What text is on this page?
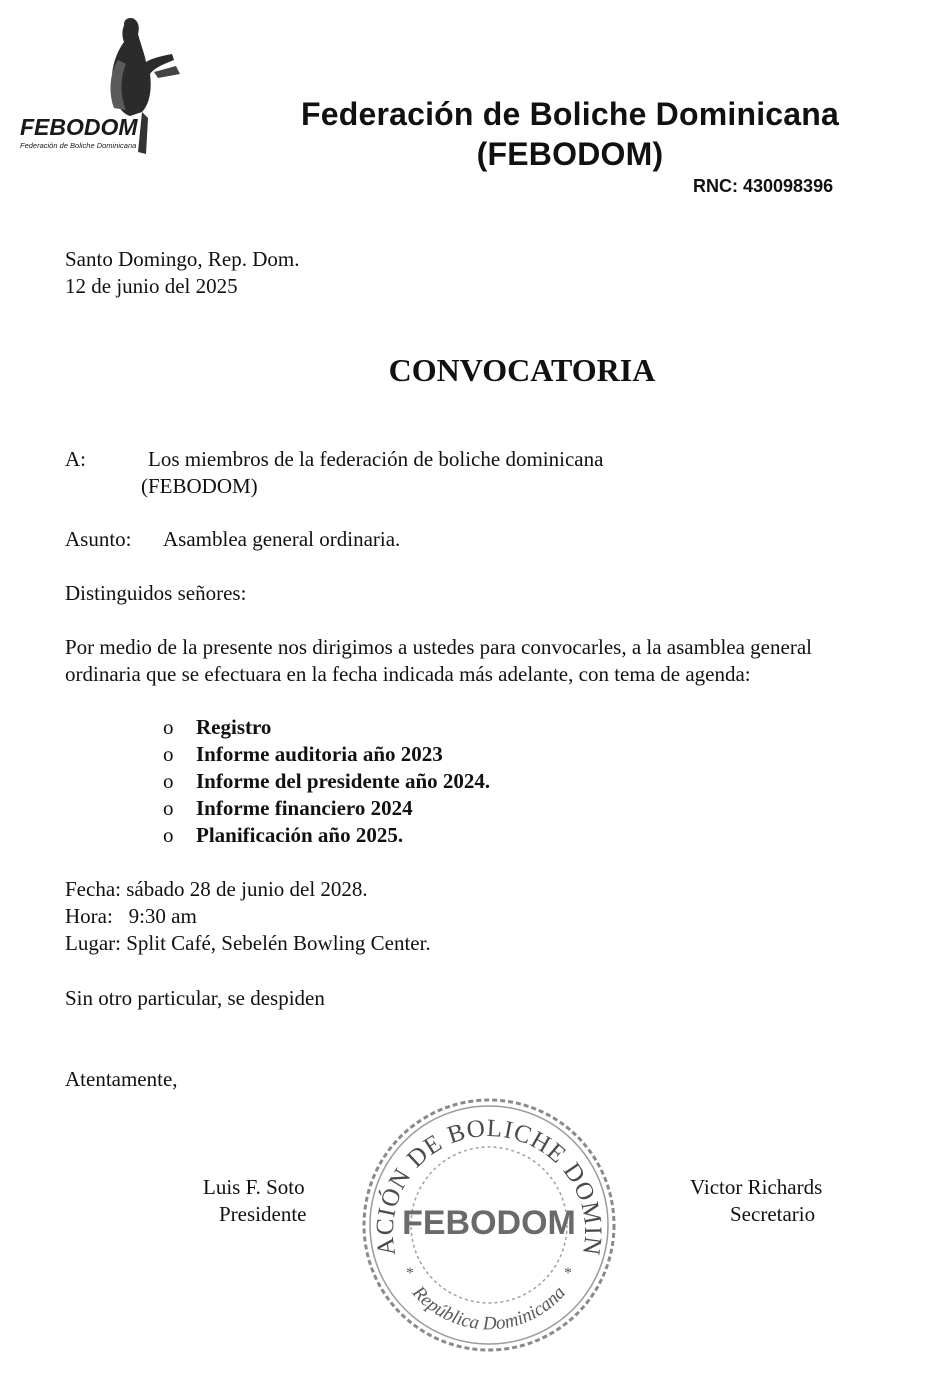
FEBODOM
Federación de Boliche Dominicana
Federación de Boliche Dominicana
(FEBODOM)
RNC: 430098396
Santo Domingo, Rep. Dom.
12 de junio del 2025
CONVOCATORIA
A:	Los miembros de la federación de boliche dominicana
(FEBODOM)
Asunto: Asamblea general ordinaria.
Distinguidos señores:
Por medio de la presente nos dirigimos a ustedes para convocarles, a la asamblea general
ordinaria que se efectuara en la fecha indicada más adelante, con tema de agenda:
o Registro
o Informe auditoria año 2023
o Informe del presidente año 2024.
o Informe financiero 2024
o Planificación año 2025.
Fecha: sábado 28 de junio del 2028.
Hora:   9:30 am
Lugar: Split Café, Sebelén Bowling Center.
Sin otro particular, se despiden
Atentamente,
Luis F. Soto
Presidente
Victor Richards
Secretario
ACIÓN DE BOLICHE DOMIN
FEBODOM
República Dominicana
*	*
